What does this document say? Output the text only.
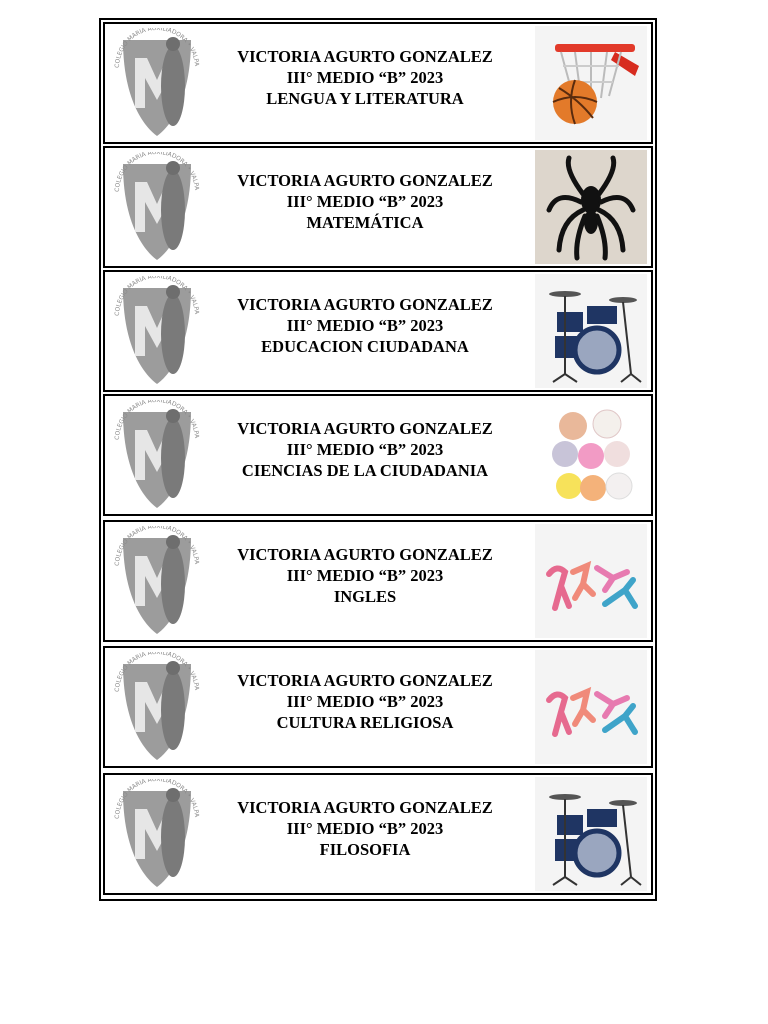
COLEGIO MARIA AUXILIADORA • VALPA	VICTORIA AGURTO GONZALEZ
III° MEDIO “B” 2023
LENGUA Y LITERATURA
COLEGIO MARIA AUXILIADORA • VALPA	VICTORIA AGURTO GONZALEZ
III° MEDIO “B” 2023
MATEMÁTICA
COLEGIO MARIA AUXILIADORA • VALPA	VICTORIA AGURTO GONZALEZ
III° MEDIO “B” 2023
EDUCACION CIUDADANA
COLEGIO MARIA AUXILIADORA • VALPA	VICTORIA AGURTO GONZALEZ
III° MEDIO “B” 2023
CIENCIAS DE LA CIUDADANIA
COLEGIO MARIA AUXILIADORA • VALPA	VICTORIA AGURTO GONZALEZ
III° MEDIO “B” 2023
INGLES
COLEGIO MARIA AUXILIADORA • VALPA	VICTORIA AGURTO GONZALEZ
III° MEDIO “B” 2023
CULTURA RELIGIOSA
COLEGIO MARIA AUXILIADORA • VALPA	VICTORIA AGURTO GONZALEZ
III° MEDIO “B” 2023
FILOSOFIA
